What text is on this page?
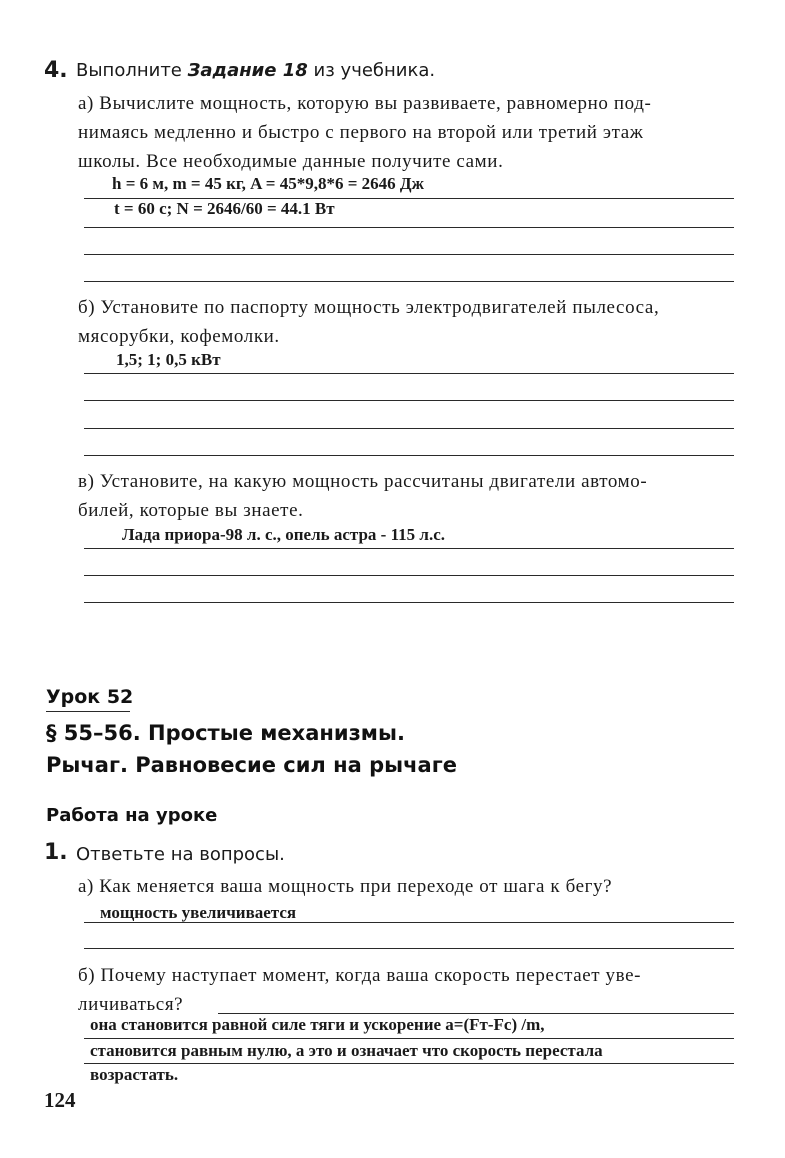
4. Выполните Задание 18 из учебника.
а) Вычислите мощность, которую вы развиваете, равномерно под-
нимаясь медленно и быстро с первого на второй или третий этаж
школы. Все необходимые данные получите сами.
h = 6 м, m = 45 кг, A = 45*9,8*6 = 2646 Дж
t = 60 с; N = 2646/60 = 44.1 Вт
б) Установите по паспорту мощность электродвигателей пылесоса,
мясорубки, кофемолки.
1,5; 1; 0,5 кВт
в) Установите, на какую мощность рассчитаны двигатели автомо-
билей, которые вы знаете.
Лада приора-98 л. с., опель астра - 115 л.с.
Урок 52
§ 55–56. Простые механизмы.
Рычаг. Равновесие сил на рычаге
Работа на уроке
1. Ответьте на вопросы.
а) Как меняется ваша мощность при переходе от шага к бегу?
мощность увеличивается
б) Почему наступает момент, когда ваша скорость перестает уве-
личиваться?
она становится равной силе тяги и ускорение a=(Fт-Fc) /m,
становится равным нулю, а это и означает что скорость перестала
возрастать.
124
